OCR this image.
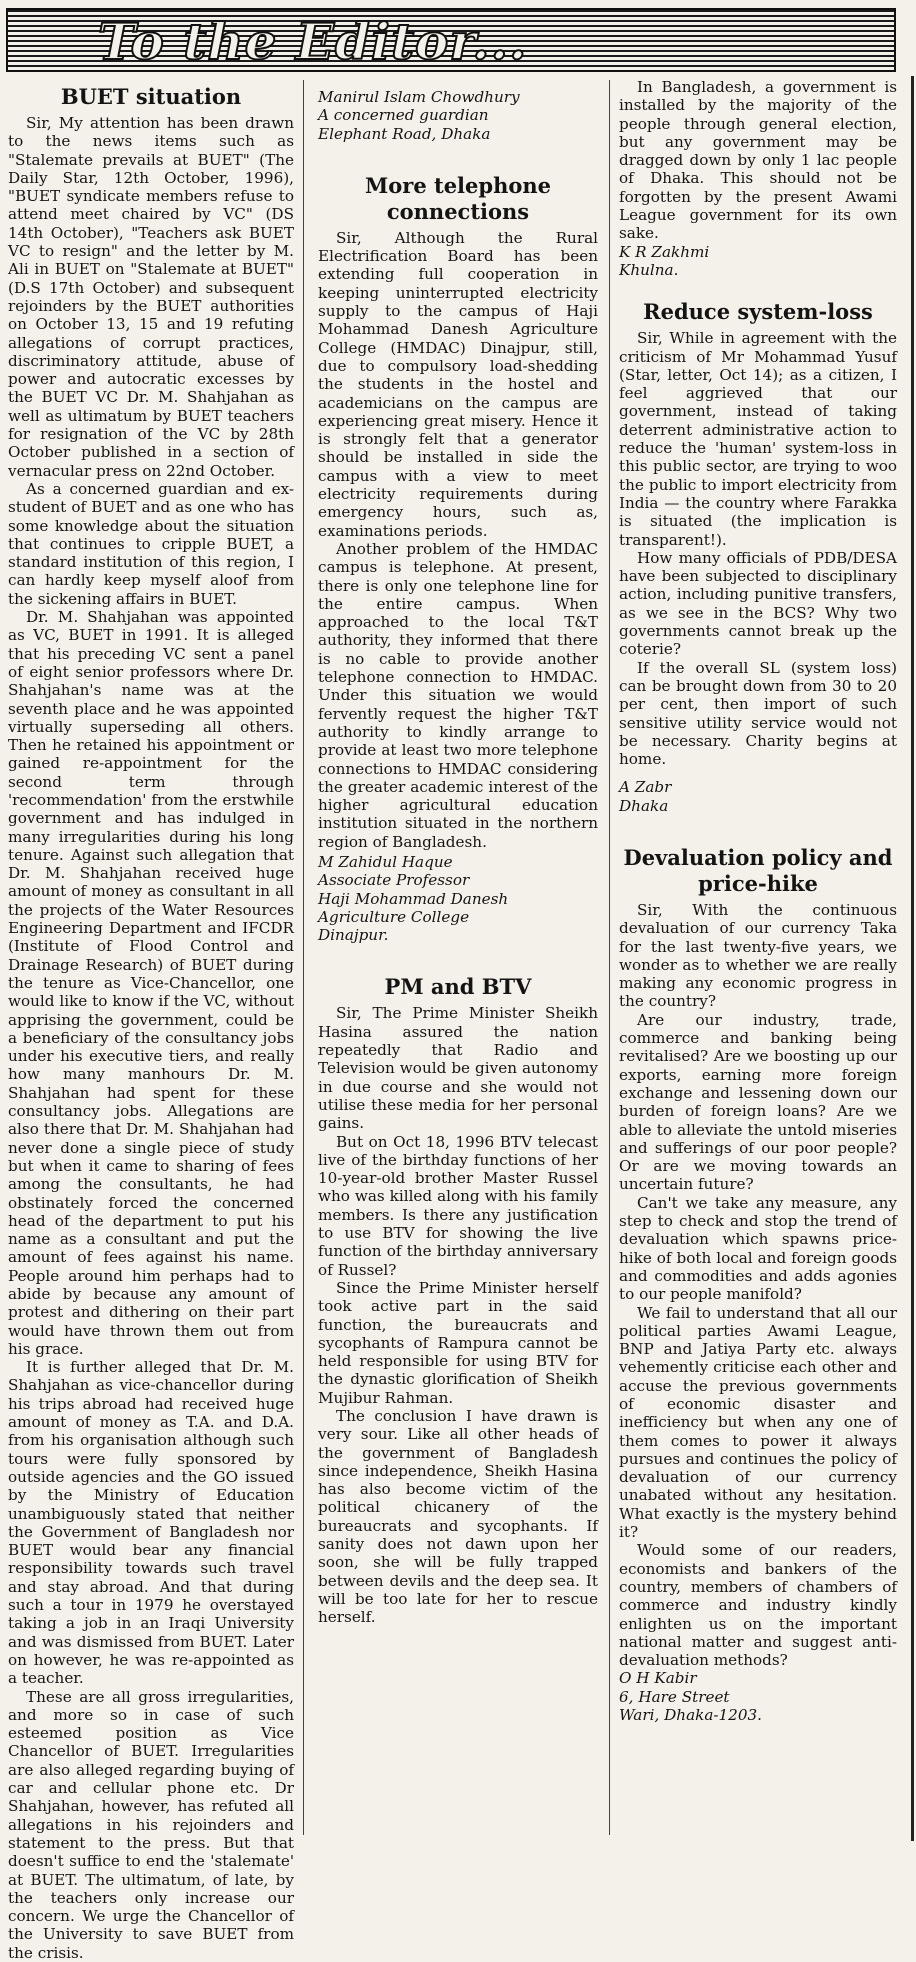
To the Editor...
BUET situation

Sir, My attention has been drawn to the news items such as "Stalemate prevails at BUET" (The Daily Star, 12th October, 1996), "BUET syndicate members refuse to attend meet chaired by VC" (DS 14th October), "Teachers ask BUET VC to resign" and the letter by M. Ali in BUET on "Stalemate at BUET" (D.S 17th October) and subsequent rejoinders by the BUET authorities on October 13, 15 and 19 refuting allegations of corrupt practices, discriminatory attitude, abuse of power and autocratic excesses by the BUET VC Dr. M. Shahjahan as well as ultimatum by BUET teachers for resignation of the VC by 28th October published in a section of vernacular press on 22nd October.

As a concerned guardian and ex-student of BUET and as one who has some knowledge about the situation that continues to cripple BUET, a standard institution of this region, I can hardly keep myself aloof from the sickening affairs in BUET.

Dr. M. Shahjahan was appointed as VC, BUET in 1991. It is alleged that his preceding VC sent a panel of eight senior professors where Dr. Shahjahan's name was at the seventh place and he was appointed virtually superseding all others. Then he retained his appointment or gained re-appointment for the second term through 'recommendation' from the erstwhile government and has indulged in many irregularities during his long tenure. Against such allegation that Dr. M. Shahjahan received huge amount of money as consultant in all the projects of the Water Resources Engineering Department and IFCDR (Institute of Flood Control and Drainage Research) of BUET during the tenure as Vice-Chancellor, one would like to know if the VC, without apprising the government, could be a beneficiary of the consultancy jobs under his executive tiers, and really how many manhours Dr. M. Shahjahan had spent for these consultancy jobs. Allegations are also there that Dr. M. Shahjahan had never done a single piece of study but when it came to sharing of fees among the consultants, he had obstinately forced the concerned head of the department to put his name as a consultant and put the amount of fees against his name. People around him perhaps had to abide by because any amount of protest and dithering on their part would have thrown them out from his grace.

It is further alleged that Dr. M. Shahjahan as vice-chancellor during his trips abroad had received huge amount of money as T.A. and D.A. from his organisation although such tours were fully sponsored by outside agencies and the GO issued by the Ministry of Education unambiguously stated that neither the Government of Bangladesh nor BUET would bear any financial responsibility towards such travel and stay abroad. And that during such a tour in 1979 he overstayed taking a job in an Iraqi University and was dismissed from BUET. Later on however, he was re-appointed as a teacher.

These are all gross irregularities, and more so in case of such esteemed position as Vice Chancellor of BUET. Irregularities are also alleged regarding buying of car and cellular phone etc. Dr Shahjahan, however, has refuted all allegations in his rejoinders and statement to the press. But that doesn't suffice to end the 'stalemate' at BUET. The ultimatum, of late, by the teachers only increase our concern. We urge the Chancellor of the University to save BUET from the crisis.

Manirul Islam Chowdhury
A concerned guardian
Elephant Road, Dhaka
More telephone connections

Sir, Although the Rural Electrification Board has been extending full cooperation in keeping uninterrupted electricity supply to the campus of Haji Mohammad Danesh Agriculture College (HMDAC) Dinajpur, still, due to compulsory load-shedding the students in the hostel and academicians on the campus are experiencing great misery. Hence it is strongly felt that a generator should be installed in side the campus with a view to meet electricity requirements during emergency hours, such as, examinations periods.

Another problem of the HMDAC campus is telephone. At present, there is only one telephone line for the entire campus. When approached to the local T&T authority, they informed that there is no cable to provide another telephone connection to HMDAC. Under this situation we would fervently request the higher T&T authority to kindly arrange to provide at least two more telephone connections to HMDAC considering the greater academic interest of the higher agricultural education institution situated in the northern region of Bangladesh.

M Zahidul Haque
Associate Professor
Haji Mohammad Danesh
Agriculture College
Dinajpur.
PM and BTV

Sir, The Prime Minister Sheikh Hasina assured the nation repeatedly that Radio and Television would be given autonomy in due course and she would not utilise these media for her personal gains.

But on Oct 18, 1996 BTV telecast live of the birthday functions of her 10-year-old brother Master Russel who was killed along with his family members. Is there any justification to use BTV for showing the live function of the birthday anniversary of Russel?

Since the Prime Minister herself took active part in the said function, the bureaucrats and sycophants of Rampura cannot be held responsible for using BTV for the dynastic glorification of Sheikh Mujibur Rahman.

The conclusion I have drawn is very sour. Like all other heads of the government of Bangladesh since independence, Sheikh Hasina has also become victim of the political chicanery of the bureaucrats and sycophants. If sanity does not dawn upon her soon, she will be fully trapped between devils and the deep sea. It will be too late for her to rescue herself.

In Bangladesh, a government is installed by the majority of the people through general election, but any government may be dragged down by only 1 lac people of Dhaka. This should not be forgotten by the present Awami League government for its own sake.

K R Zakhmi
Khulna.
Reduce system-loss

Sir, While in agreement with the criticism of Mr Mohammad Yusuf (Star, letter, Oct 14); as a citizen, I feel aggrieved that our government, instead of taking deterrent administrative action to reduce the 'human' system-loss in this public sector, are trying to woo the public to import electricity from India — the country where Farakka is situated (the implication is transparent!).

How many officials of PDB/DESA have been subjected to disciplinary action, including punitive transfers, as we see in the BCS? Why two governments cannot break up the coterie?

If the overall SL (system loss) can be brought down from 30 to 20 per cent, then import of such sensitive utility service would not be necessary. Charity begins at home.

A Zabr
Dhaka
Devaluation policy and price-hike

Sir, With the continuous devaluation of our currency Taka for the last twenty-five years, we wonder as to whether we are really making any economic progress in the country?

Are our industry, trade, commerce and banking being revitalised? Are we boosting up our exports, earning more foreign exchange and lessening down our burden of foreign loans? Are we able to alleviate the untold miseries and sufferings of our poor people? Or are we moving towards an uncertain future?

Can't we take any measure, any step to check and stop the trend of devaluation which spawns price-hike of both local and foreign goods and commodities and adds agonies to our people manifold?

We fail to understand that all our political parties Awami League, BNP and Jatiya Party etc. always vehemently criticise each other and accuse the previous governments of economic disaster and inefficiency but when any one of them comes to power it always pursues and continues the policy of devaluation of our currency unabated without any hesitation. What exactly is the mystery behind it?

Would some of our readers, economists and bankers of the country, members of chambers of commerce and industry kindly enlighten us on the important national matter and suggest anti-devaluation methods?

O H Kabir
6, Hare Street
Wari, Dhaka-1203.
